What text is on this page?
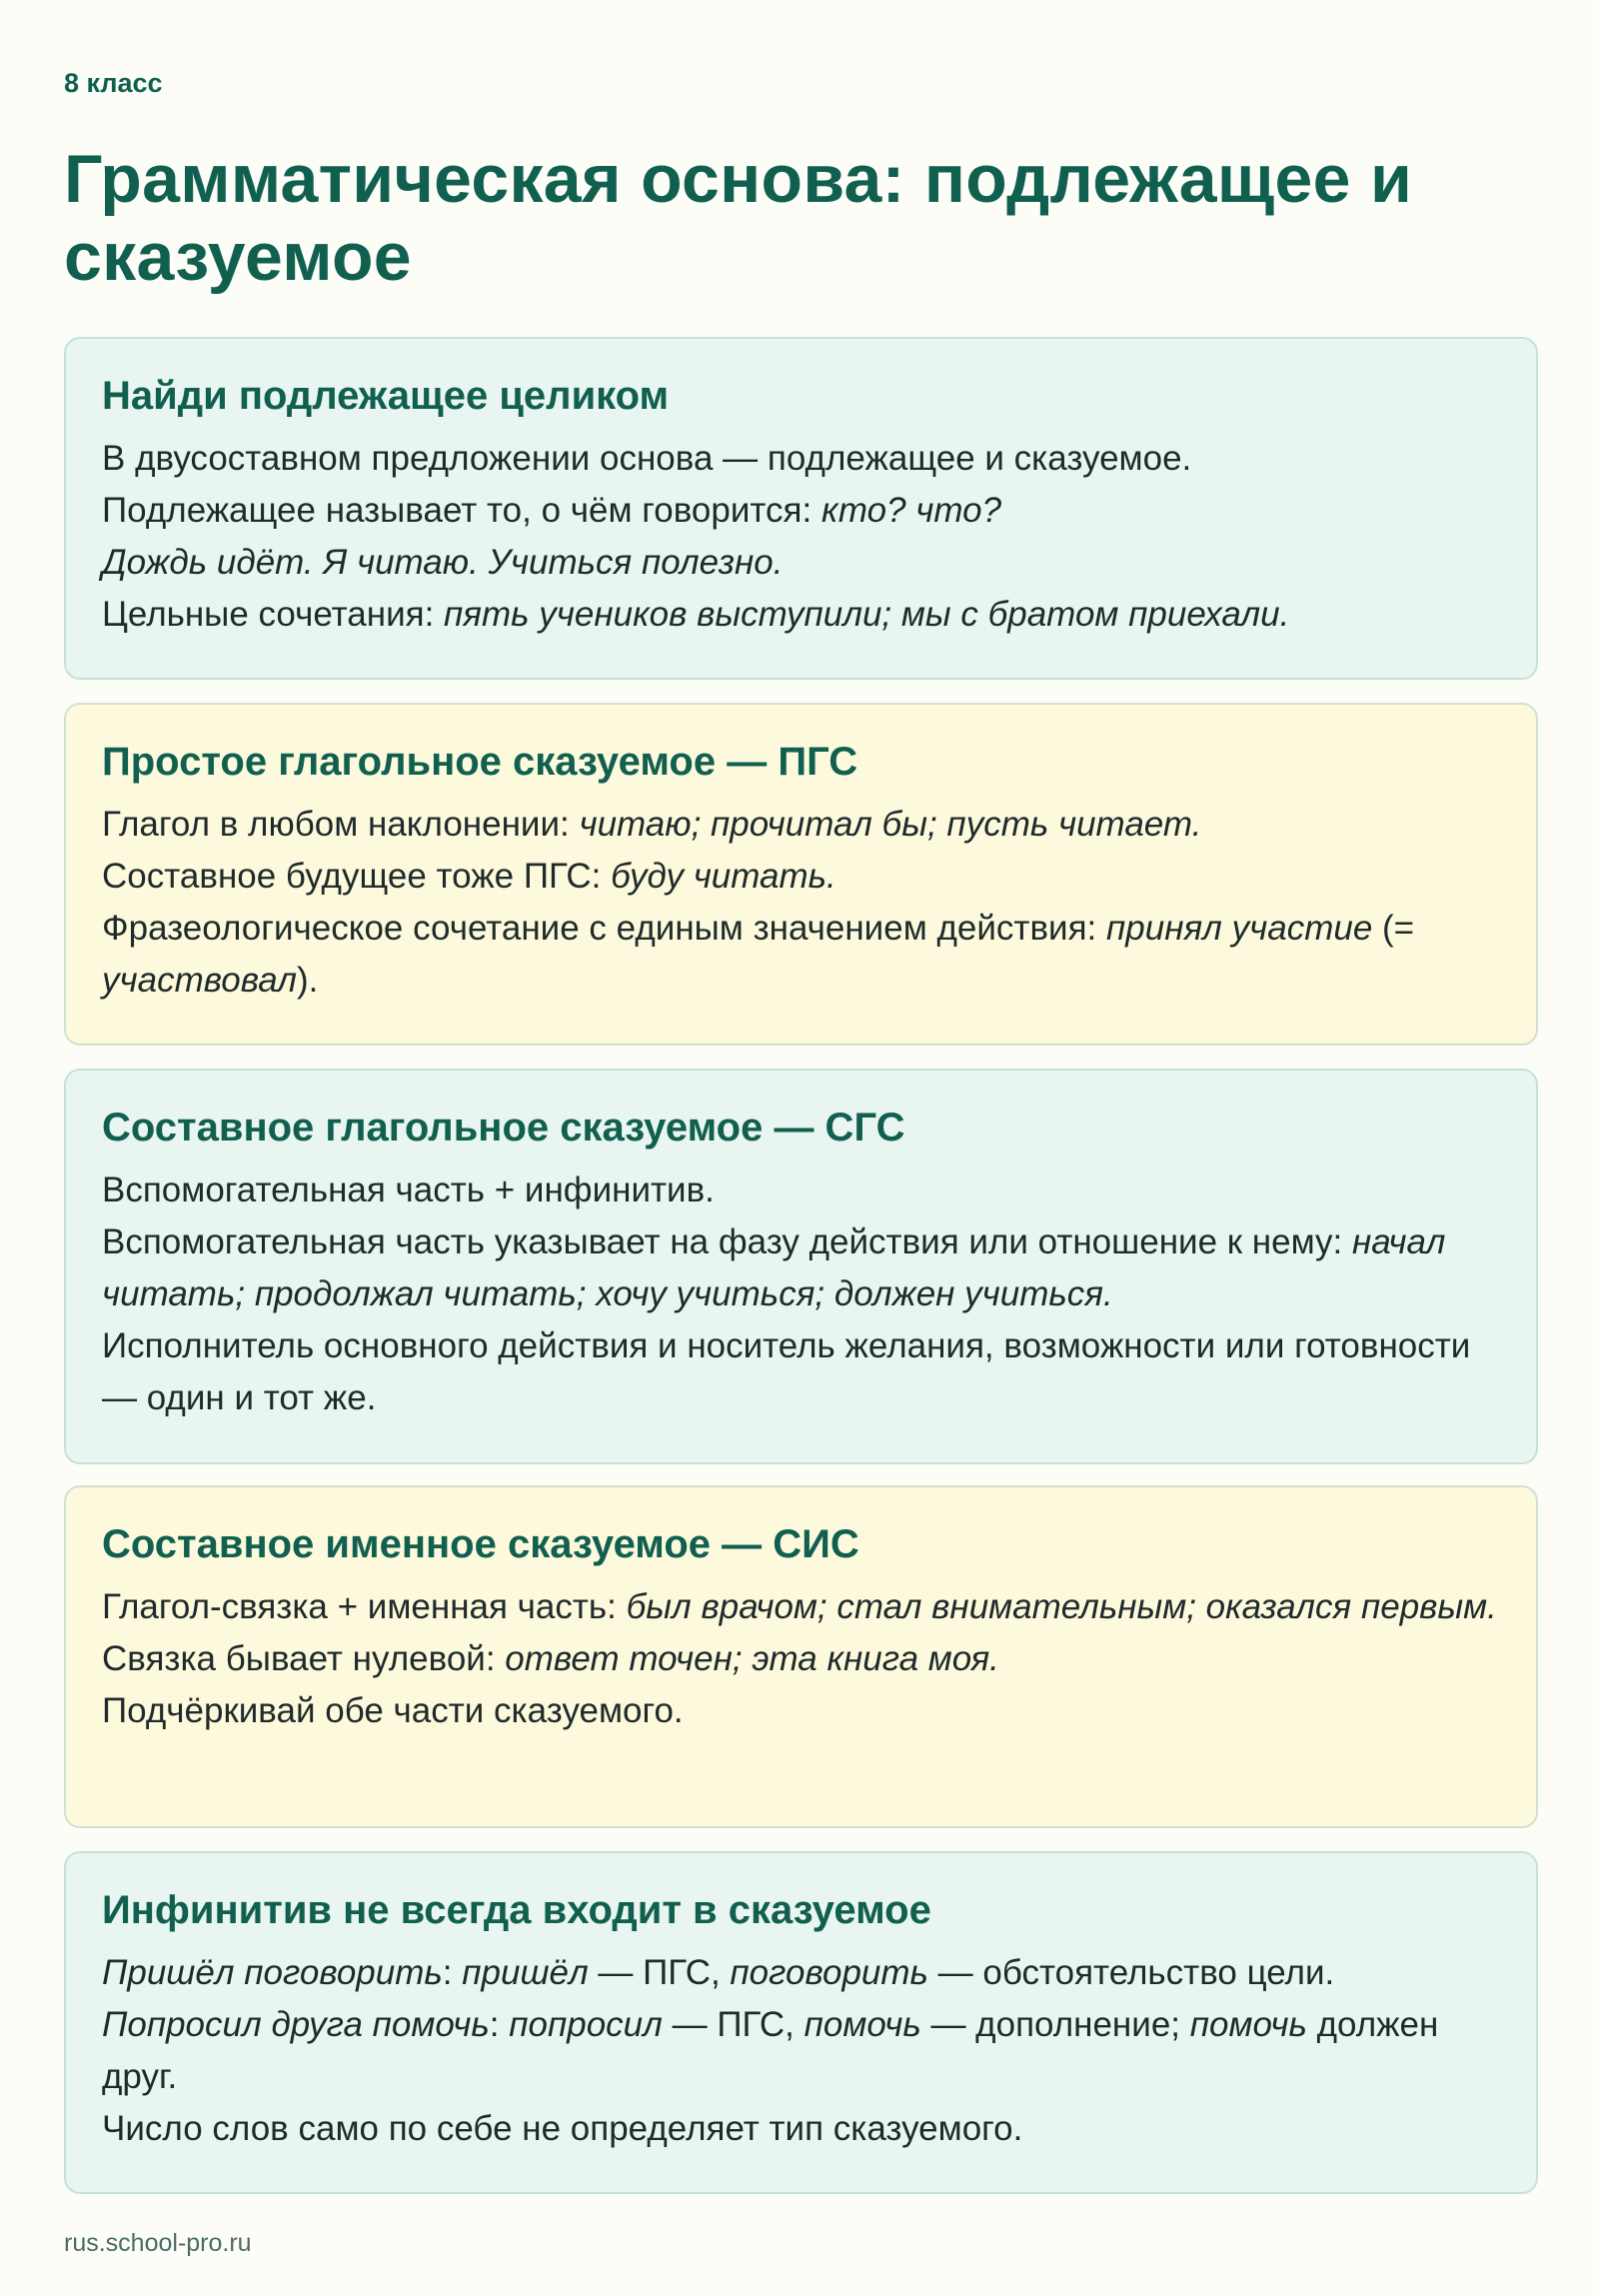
8 класс

Грамматическая основа: подлежащее и сказуемое
Найди подлежащее целиком

В двусоставном предложении основа — подлежащее и сказуемое.

Подлежащее называет то, о чём говорится: кто? что?

Дождь идёт. Я читаю. Учиться полезно.

Цельные сочетания: пять учеников выступили; мы с братом приехали.

Простое глагольное сказуемое — ПГС

Глагол в любом наклонении: читаю; прочитал бы; пусть читает.

Составное будущее тоже ПГС: буду читать.

Фразеологическое сочетание с единым значением действия: принял участие (= участвовал).

Составное глагольное сказуемое — СГС

Вспомогательная часть + инфинитив.

Вспомогательная часть указывает на фазу действия или отношение к нему: начал читать; продолжал читать; хочу учиться; должен учиться.

Исполнитель основного действия и носитель желания, возможности или готовности — один и тот же.

Составное именное сказуемое — СИС

Глагол-связка + именная часть: был врачом; стал внимательным; оказался первым.

Связка бывает нулевой: ответ точен; эта книга моя.

Подчёркивай обе части сказуемого.

Инфинитив не всегда входит в сказуемое

Пришёл поговорить: пришёл — ПГС, поговорить — обстоятельство цели.

Попросил друга помочь: попросил — ПГС, помочь — дополнение; помочь должен друг.

Число слов само по себе не определяет тип сказуемого.

rus.school-pro.ru
